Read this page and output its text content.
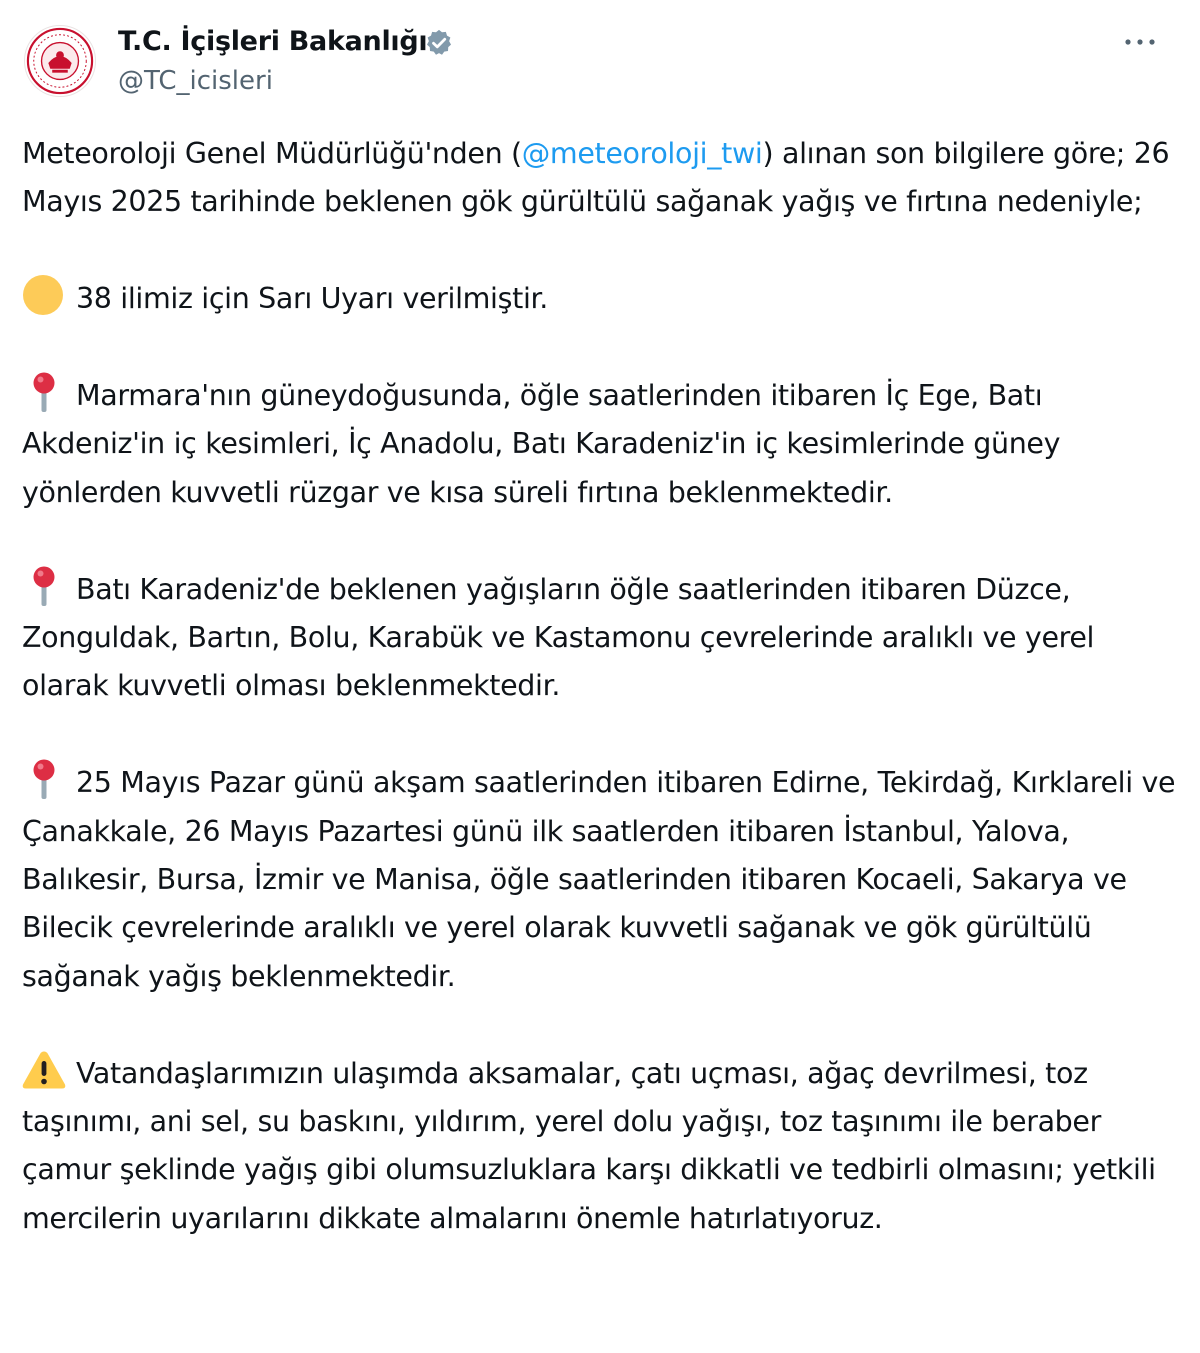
T.C. İçişleri Bakanlığı
@TC_icisleri

Meteoroloji Genel Müdürlüğü'nden (@meteoroloji_twi) alınan son bilgilere göre; 26 Mayıs 2025 tarihinde beklenen gök gürültülü sağanak yağış ve fırtına nedeniyle;

38 ilimiz için Sarı Uyarı verilmiştir.

Marmara'nın güneydoğusunda, öğle saatlerinden itibaren İç Ege, Batı Akdeniz'in iç kesimleri, İç Anadolu, Batı Karadeniz'in iç kesimlerinde güney yönlerden kuvvetli rüzgar ve kısa süreli fırtına beklenmektedir.

Batı Karadeniz'de beklenen yağışların öğle saatlerinden itibaren Düzce, Zonguldak, Bartın, Bolu, Karabük ve Kastamonu çevrelerinde aralıklı ve yerel olarak kuvvetli olması beklenmektedir.

25 Mayıs Pazar günü akşam saatlerinden itibaren Edirne, Tekirdağ, Kırklareli ve Çanakkale, 26 Mayıs Pazartesi günü ilk saatlerden itibaren İstanbul, Yalova, Balıkesir, Bursa, İzmir ve Manisa, öğle saatlerinden itibaren Kocaeli, Sakarya ve Bilecik çevrelerinde aralıklı ve yerel olarak kuvvetli sağanak ve gök gürültülü sağanak yağış beklenmektedir.

Vatandaşlarımızın ulaşımda aksamalar, çatı uçması, ağaç devrilmesi, toz taşınımı, ani sel, su baskını, yıldırım, yerel dolu yağışı, toz taşınımı ile beraber çamur şeklinde yağış gibi olumsuzluklara karşı dikkatli ve tedbirli olmasını; yetkili mercilerin uyarılarını dikkate almalarını önemle hatırlatıyoruz.
